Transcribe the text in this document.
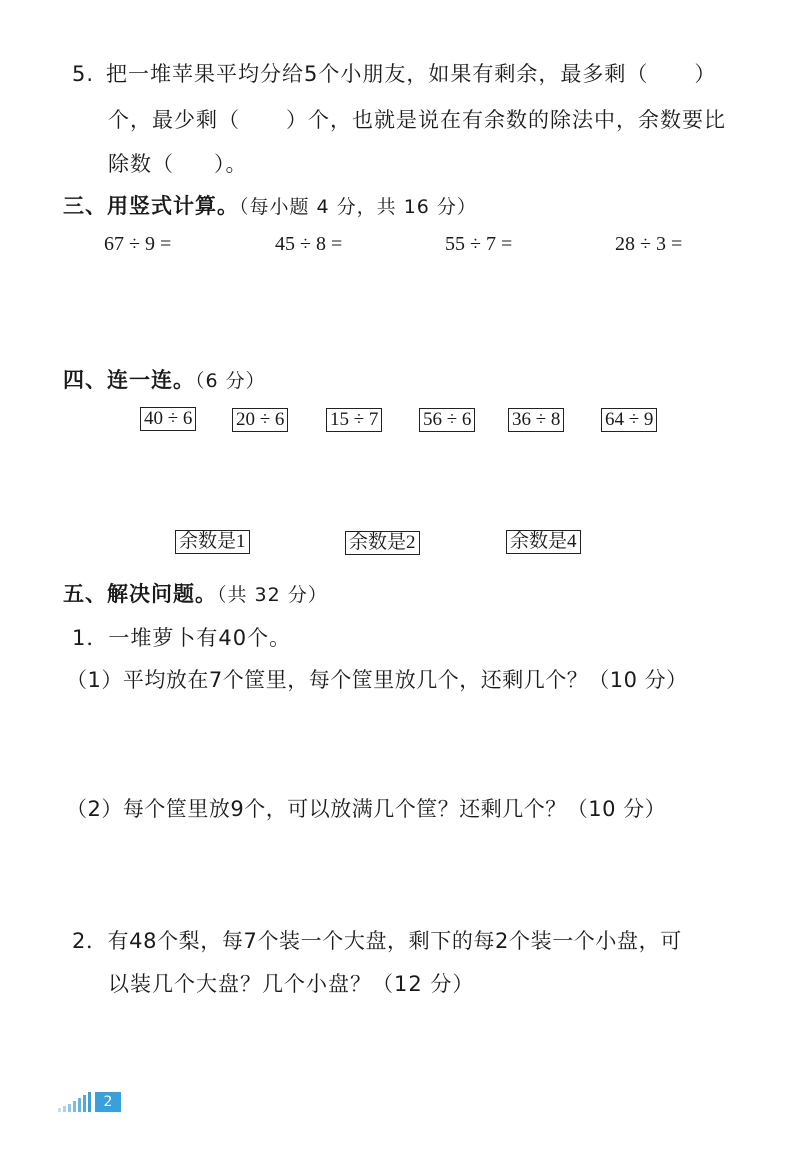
5. 把一堆苹果平均分给5个小朋友，如果有剩余，最多剩（ ）
个，最少剩（ ）个，也就是说在有余数的除法中，余数要比
除数（ ）。
三、用竖式计算。（每小题 4 分，共 16 分）
67 ÷ 9 =	45 ÷ 8 =	55 ÷ 7 =	28 ÷ 3 =
四、连一连。（6 分）
40 ÷ 6 20 ÷ 6 15 ÷ 7 56 ÷ 6 36 ÷ 8 64 ÷ 9
余数是1	余数是2	余数是4
五、解决问题。（共 32 分）
1．一堆萝卜有40个。
（1）平均放在7个筐里，每个筐里放几个，还剩几个？（10 分）
（2）每个筐里放9个，可以放满几个筐？还剩几个？（10 分）
2．有48个梨，每7个装一个大盘，剩下的每2个装一个小盘，可
以装几个大盘？几个小盘？（12 分）
2
